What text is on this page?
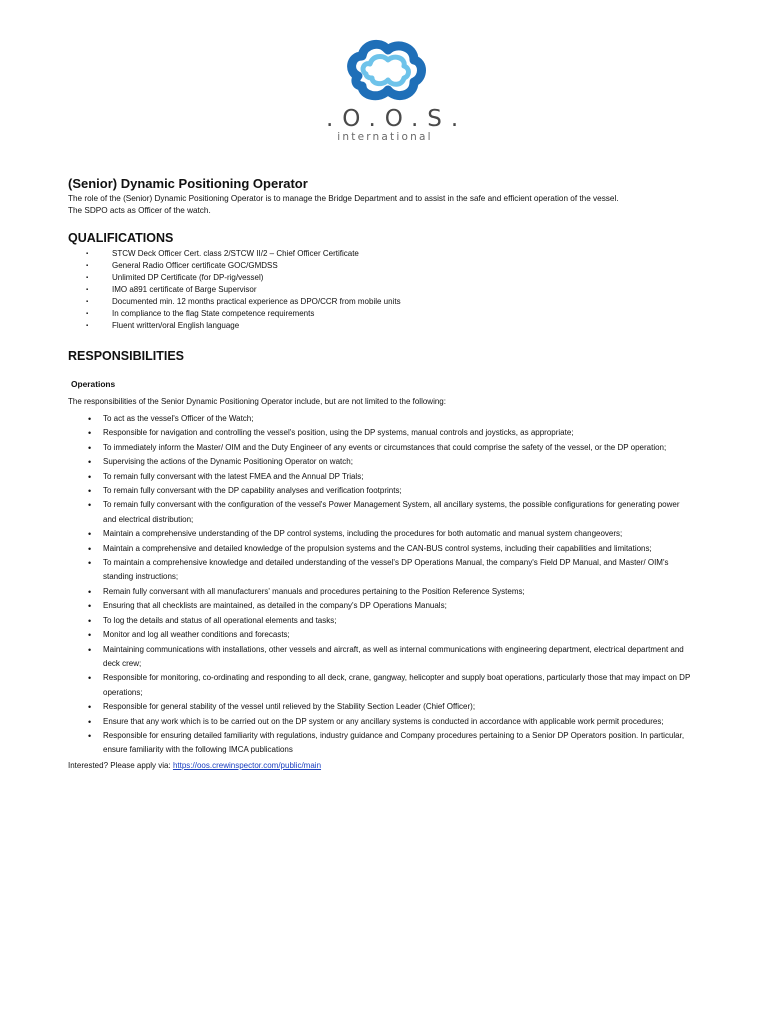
.O.O.S.
international
(Senior) Dynamic Positioning Operator

The role of the (Senior) Dynamic Positioning Operator is to manage the Bridge Department and to assist in the safe and efficient operation of the vessel.
The SDPO acts as Officer of the watch.

QUALIFICATIONS
▪ STCW Deck Officer Cert. class 2/STCW II/2 – Chief Officer Certificate
▪ General Radio Officer certificate GOC/GMDSS
▪ Unlimited DP Certificate (for DP-rig/vessel)
▪ IMO a891 certificate of Barge Supervisor
▪ Documented min. 12 months practical experience as DPO/CCR from mobile units
▪ In compliance to the flag State competence requirements
▪ Fluent written/oral English language
RESPONSIBILITIES
Operations

The responsibilities of the Senior Dynamic Positioning Operator include, but are not limited to the following:

• To act as the vessel's Officer of the Watch;
• Responsible for navigation and controlling the vessel's position, using the DP systems, manual controls and joysticks, as appropriate;
• To immediately inform the Master/ OIM and the Duty Engineer of any events or circumstances that could comprise the safety of the vessel, or the DP operation;
• Supervising the actions of the Dynamic Positioning Operator on watch;
• To remain fully conversant with the latest FMEA and the Annual DP Trials;
• To remain fully conversant with the DP capability analyses and verification footprints;
• To remain fully conversant with the configuration of the vessel's Power Management System, all ancillary systems, the possible configurations for generating power and electrical distribution;
• Maintain a comprehensive understanding of the DP control systems, including the procedures for both automatic and manual system changeovers;
• Maintain a comprehensive and detailed knowledge of the propulsion systems and the CAN-BUS control systems, including their capabilities and limitations;
• To maintain a comprehensive knowledge and detailed understanding of the vessel's DP Operations Manual, the company's Field DP Manual, and Master/ OIM's standing instructions;
• Remain fully conversant with all manufacturers' manuals and procedures pertaining to the Position Reference Systems;
• Ensuring that all checklists are maintained, as detailed in the company's DP Operations Manuals;
• To log the details and status of all operational elements and tasks;
• Monitor and log all weather conditions and forecasts;
• Maintaining communications with installations, other vessels and aircraft, as well as internal communications with engineering department, electrical department and deck crew;
• Responsible for monitoring, co-ordinating and responding to all deck, crane, gangway, helicopter and supply boat operations, particularly those that may impact on DP operations;
• Responsible for general stability of the vessel until relieved by the Stability Section Leader (Chief Officer);
• Ensure that any work which is to be carried out on the DP system or any ancillary systems is conducted in accordance with applicable work permit procedures;
• Responsible for ensuring detailed familiarity with regulations, industry guidance and Company procedures pertaining to a Senior DP Operators position. In particular, ensure familiarity with the following IMCA publications

Interested? Please apply via: https://oos.crewinspector.com/public/main
